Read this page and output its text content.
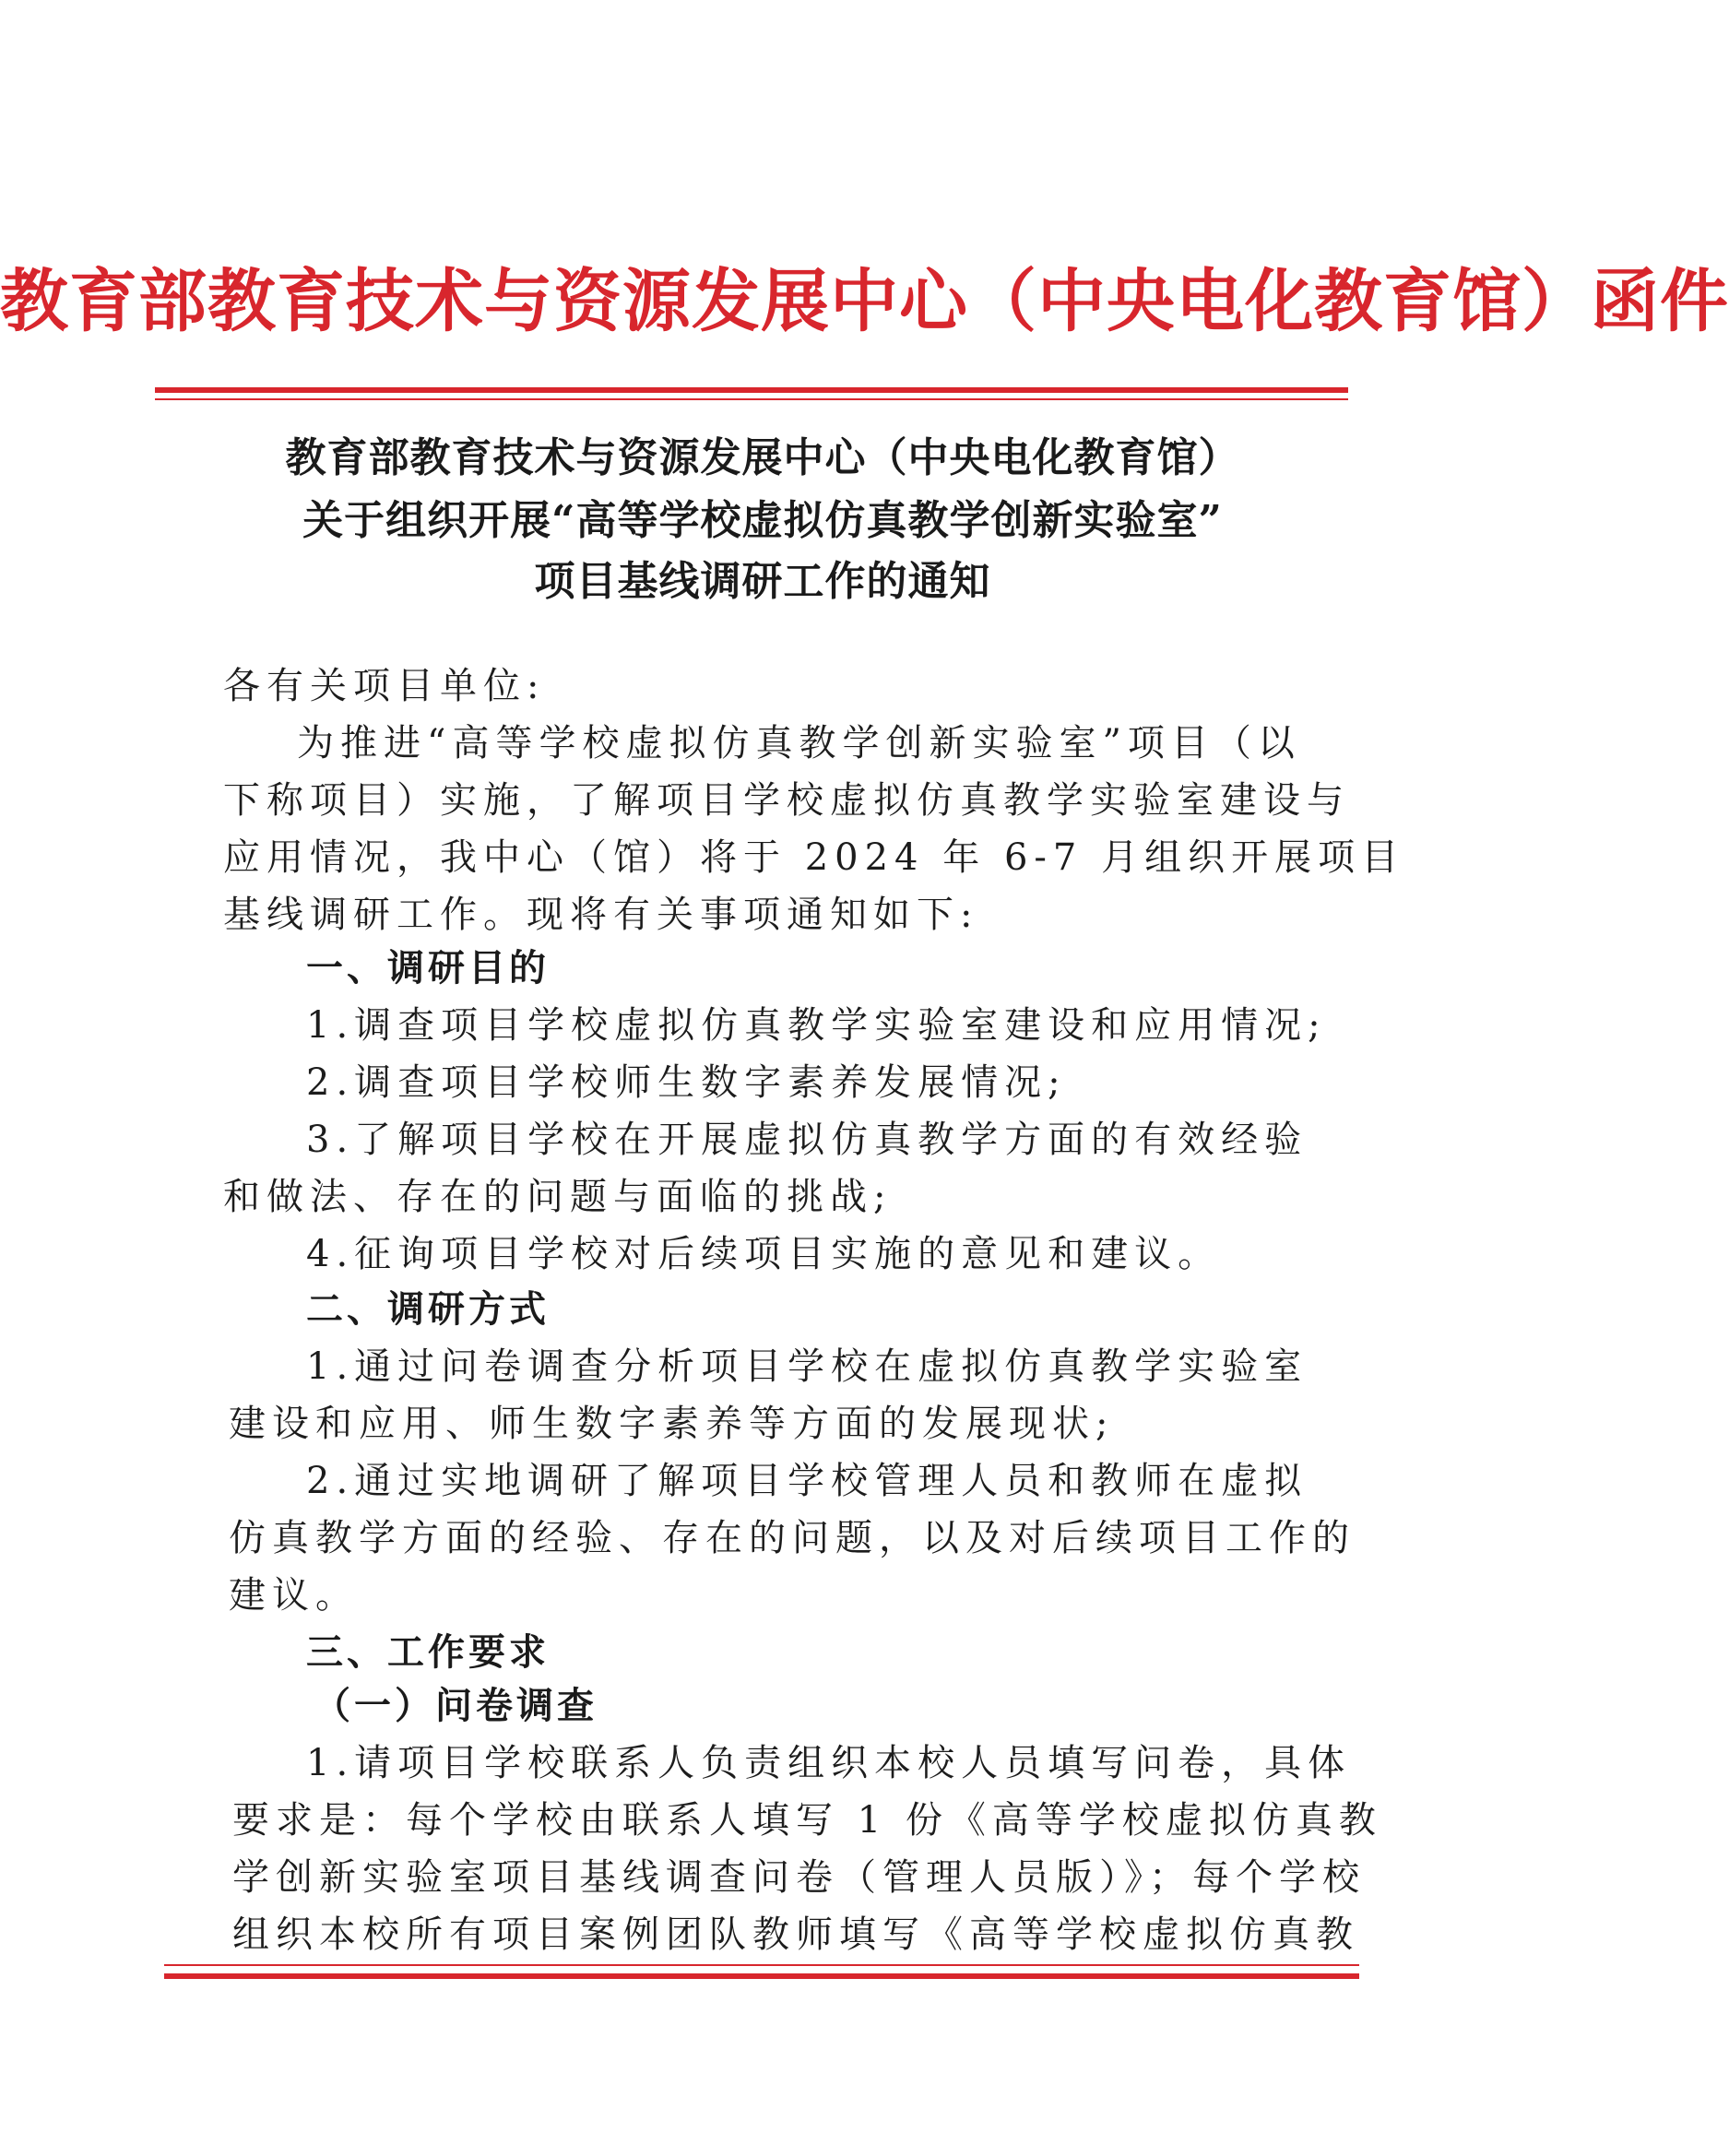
教育部教育技术与资源发展中心（中央电化教育馆）函件
教育部教育技术与资源发展中心（中央电化教育馆）
关于组织开展“高等学校虚拟仿真教学创新实验室”
项目基线调研工作的通知

各有关项目单位:

为推进“高等学校虚拟仿真教学创新实验室”项目（以

下称项目）实施，了解项目学校虚拟仿真教学实验室建设与

应用情况，我中心（馆）将于 2024 年 6-7 月组织开展项目

基线调研工作。现将有关事项通知如下:

一、调研目的

1.调查项目学校虚拟仿真教学实验室建设和应用情况;

2.调查项目学校师生数字素养发展情况;

3.了解项目学校在开展虚拟仿真教学方面的有效经验

和做法、存在的问题与面临的挑战;

4.征询项目学校对后续项目实施的意见和建议。

二、调研方式

1.通过问卷调查分析项目学校在虚拟仿真教学实验室

建设和应用、师生数字素养等方面的发展现状;

2.通过实地调研了解项目学校管理人员和教师在虚拟

仿真教学方面的经验、存在的问题，以及对后续项目工作的

建议。

三、工作要求

（一）问卷调查

1.请项目学校联系人负责组织本校人员填写问卷，具体

要求是：每个学校由联系人填写 1 份《高等学校虚拟仿真教

学创新实验室项目基线调查问卷（管理人员版）》；每个学校

组织本校所有项目案例团队教师填写《高等学校虚拟仿真教
